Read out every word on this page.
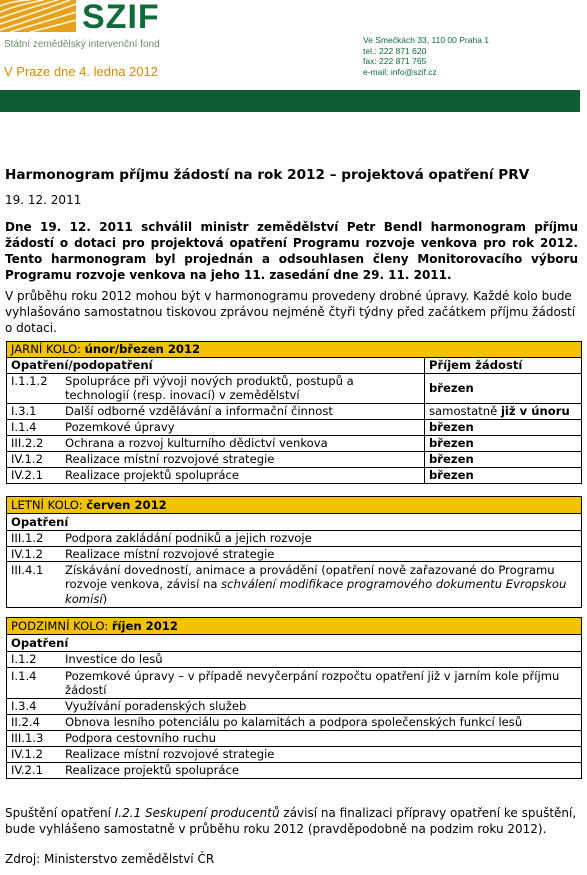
SZIF
Státní zemědělský intervenční fond
V Praze dne 4. ledna 2012
Ve Smečkách 33, 110 00 Praha 1
tel.: 222 871 620
fax: 222 871 765
e-mail: info@szif.cz
Harmonogram příjmu žádostí na rok 2012 – projektová opatření PRV
19. 12. 2011
Dne 19. 12. 2011 schválil ministr zemědělství Petr Bendl harmonogram příjmu žádostí o dotaci pro projektová opatření Programu rozvoje venkova pro rok 2012. Tento harmonogram byl projednán a odsouhlasen členy Monitorovacího výboru Programu rozvoje venkova na jeho 11. zasedání dne 29. 11. 2011.
V průběhu roku 2012 mohou být v harmonogramu provedeny drobné úpravy. Každé kolo bude vyhlašováno samostatnou tiskovou zprávou nejméně čtyři týdny před začátkem příjmu žádostí o dotaci.
JARNÍ KOLO: únor/březen 2012	
Opatření/podopatření	Příjem žádostí
I.1.1.2 Spolupráce při vývoji nových produktů, postupů a technologií (resp. inovací) v zemědělství	březen
I.3.1 Další odborné vzdělávání a informační činnost	samostatně již v únoru
I.1.4 Pozemkové úpravy	březen
III.2.2 Ochrana a rozvoj kulturního dědictví venkova	březen
IV.1.2 Realizace místní rozvojové strategie	březen
IV.2.1 Realizace projektů spolupráce	březen
LETNÍ KOLO: červen 2012
Opatření
III.1.2 Podpora zakládání podniků a jejich rozvoje
IV.1.2 Realizace místní rozvojové strategie
III.4.1 Získávání dovedností, animace a provádění (opatření nově zařazované do Programu rozvoje venkova, závisí na schválení modifikace programového dokumentu Evropskou komisí)
PODZIMNÍ KOLO: říjen 2012
Opatření
I.1.2 Investice do lesů
I.1.4 Pozemkové úpravy – v případě nevyčerpání rozpočtu opatření již v jarním kole příjmu žádostí
I.3.4 Využívání poradenských služeb
II.2.4 Obnova lesního potenciálu po kalamitách a podpora společenských funkcí lesů
III.1.3 Podpora cestovního ruchu
IV.1.2 Realizace místní rozvojové strategie
IV.2.1 Realizace projektů spolupráce
Spuštění opatření I.2.1 Seskupení producentů závisí na finalizaci přípravy opatření ke spuštění, bude vyhlášeno samostatně v průběhu roku 2012 (pravděpodobně na podzim roku 2012).
Zdroj: Ministerstvo zemědělství ČR
